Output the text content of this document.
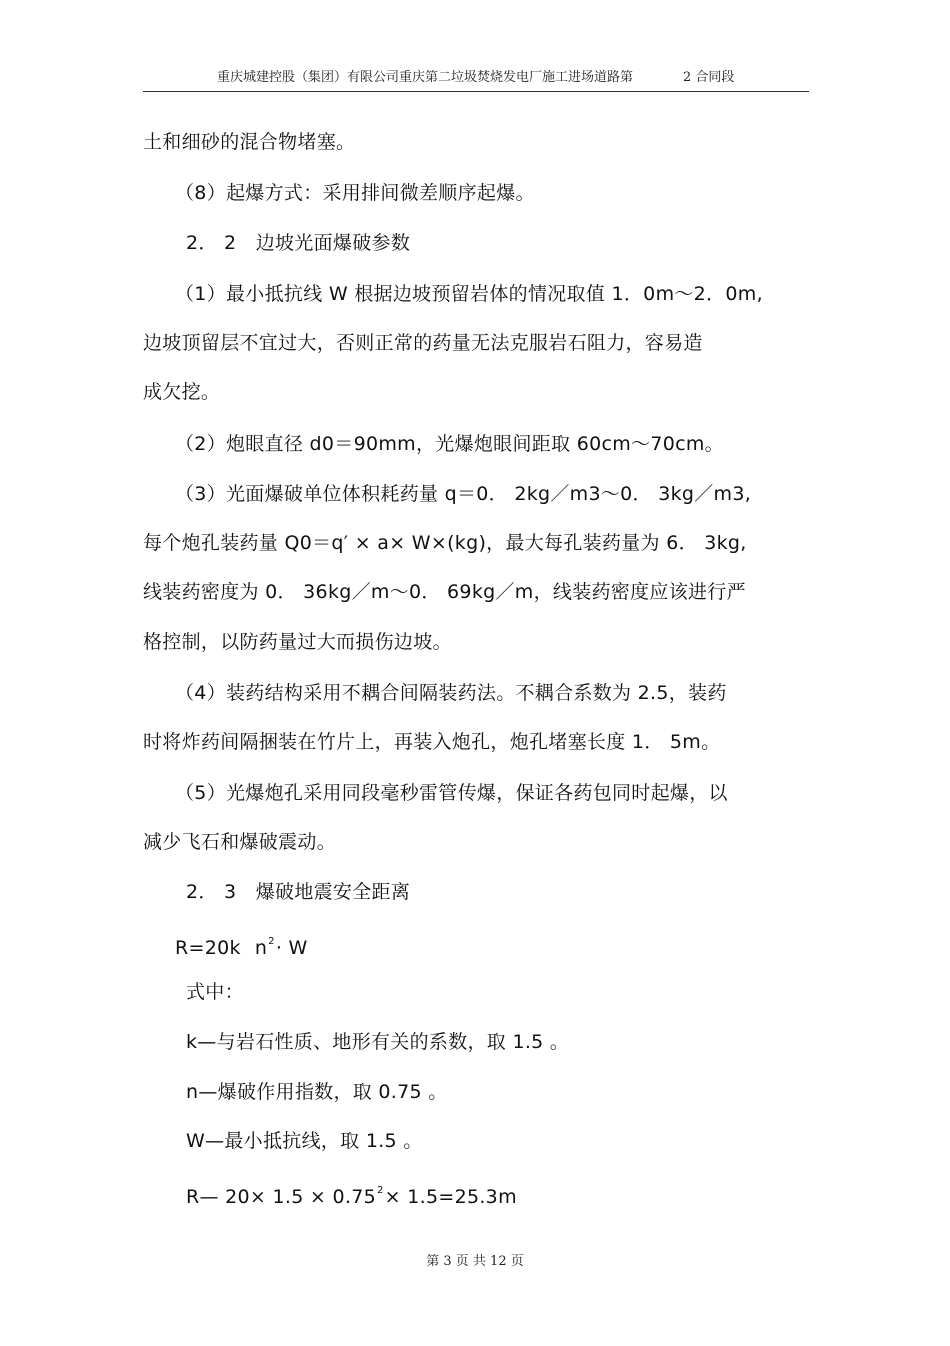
重庆城建控股（集团）有限公司重庆第二垃圾焚烧发电厂施工进场道路第	2 合同段
土和细砂的混合物堵塞。
（8）起爆方式：采用排间微差顺序起爆。
2． 2　边坡光面爆破参数
（1）最小抵抗线 W 根据边坡预留岩体的情况取值 1．0m～2．0m,
边坡顶留层不宜过大，否则正常的药量无法克服岩石阻力，容易造
成欠挖。
（2）炮眼直径 d0＝90mm，光爆炮眼间距取 60cm～70cm。
（3）光面爆破单位体积耗药量 q＝0． 2kg／m3～0． 3kg／m3,
每个炮孔装药量 Q0＝q′ × a× W×(kg)，最大每孔装药量为 6． 3kg,
线装药密度为 0． 36kg／m～0． 69kg／m，线装药密度应该进行严
格控制，以防药量过大而损伤边坡。
（4）装药结构采用不耦合间隔装药法。不耦合系数为 2.5，装药
时将炸药间隔捆装在竹片上，再装入炮孔，炮孔堵塞长度 1． 5m。
（5）光爆炮孔采用同段毫秒雷管传爆，保证各药包同时起爆，以
减少飞石和爆破震动。
2． 3　爆破地震安全距离
R=20k $n^2\cdot W$
式中：
k—与岩石性质、地形有关的系数，取 1.5 。
n—爆破作用指数，取 0.75 。
W—最小抵抗线，取 1.5 。
R— $20\times 1.5 \times 0.75^2\times 1.5=25.3m$
第 3 页 共 12 页
